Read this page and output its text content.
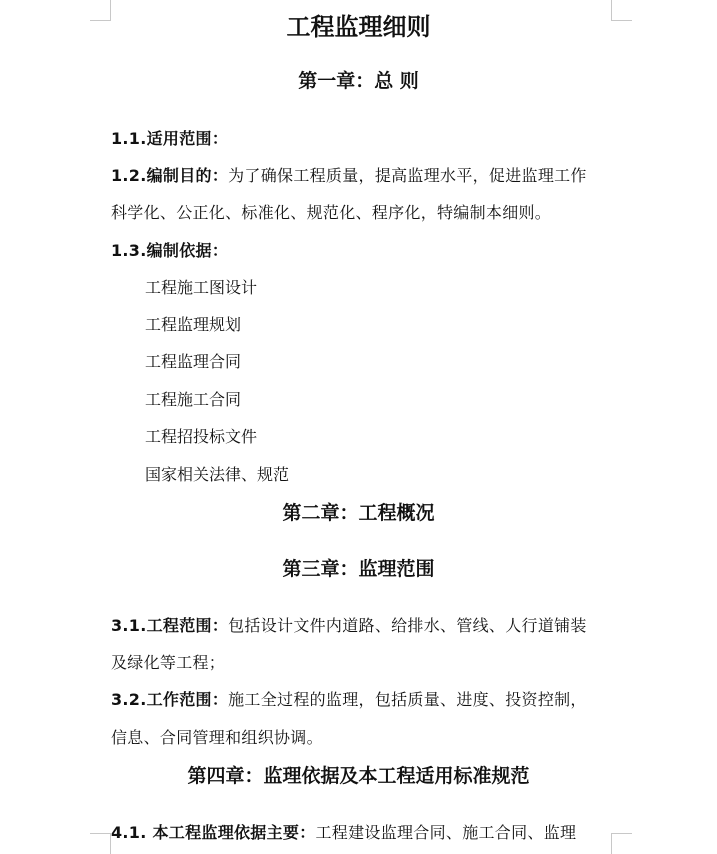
工程监理细则
第一章：总 则
1.1.适用范围：
1.2.编制目的：为了确保工程质量，提高监理水平，促进监理工作
科学化、公正化、标准化、规范化、程序化，特编制本细则。
1.3.编制依据：
工程施工图设计
工程监理规划
工程监理合同
工程施工合同
工程招投标文件
国家相关法律、规范
第二章：工程概况
第三章：监理范围
3.1.工程范围：包括设计文件内道路、给排水、管线、人行道铺装
及绿化等工程；
3.2.工作范围：施工全过程的监理，包括质量、进度、投资控制，
信息、合同管理和组织协调。
第四章：监理依据及本工程适用标准规范
4.1. 本工程监理依据主要：工程建设监理合同、施工合同、监理
